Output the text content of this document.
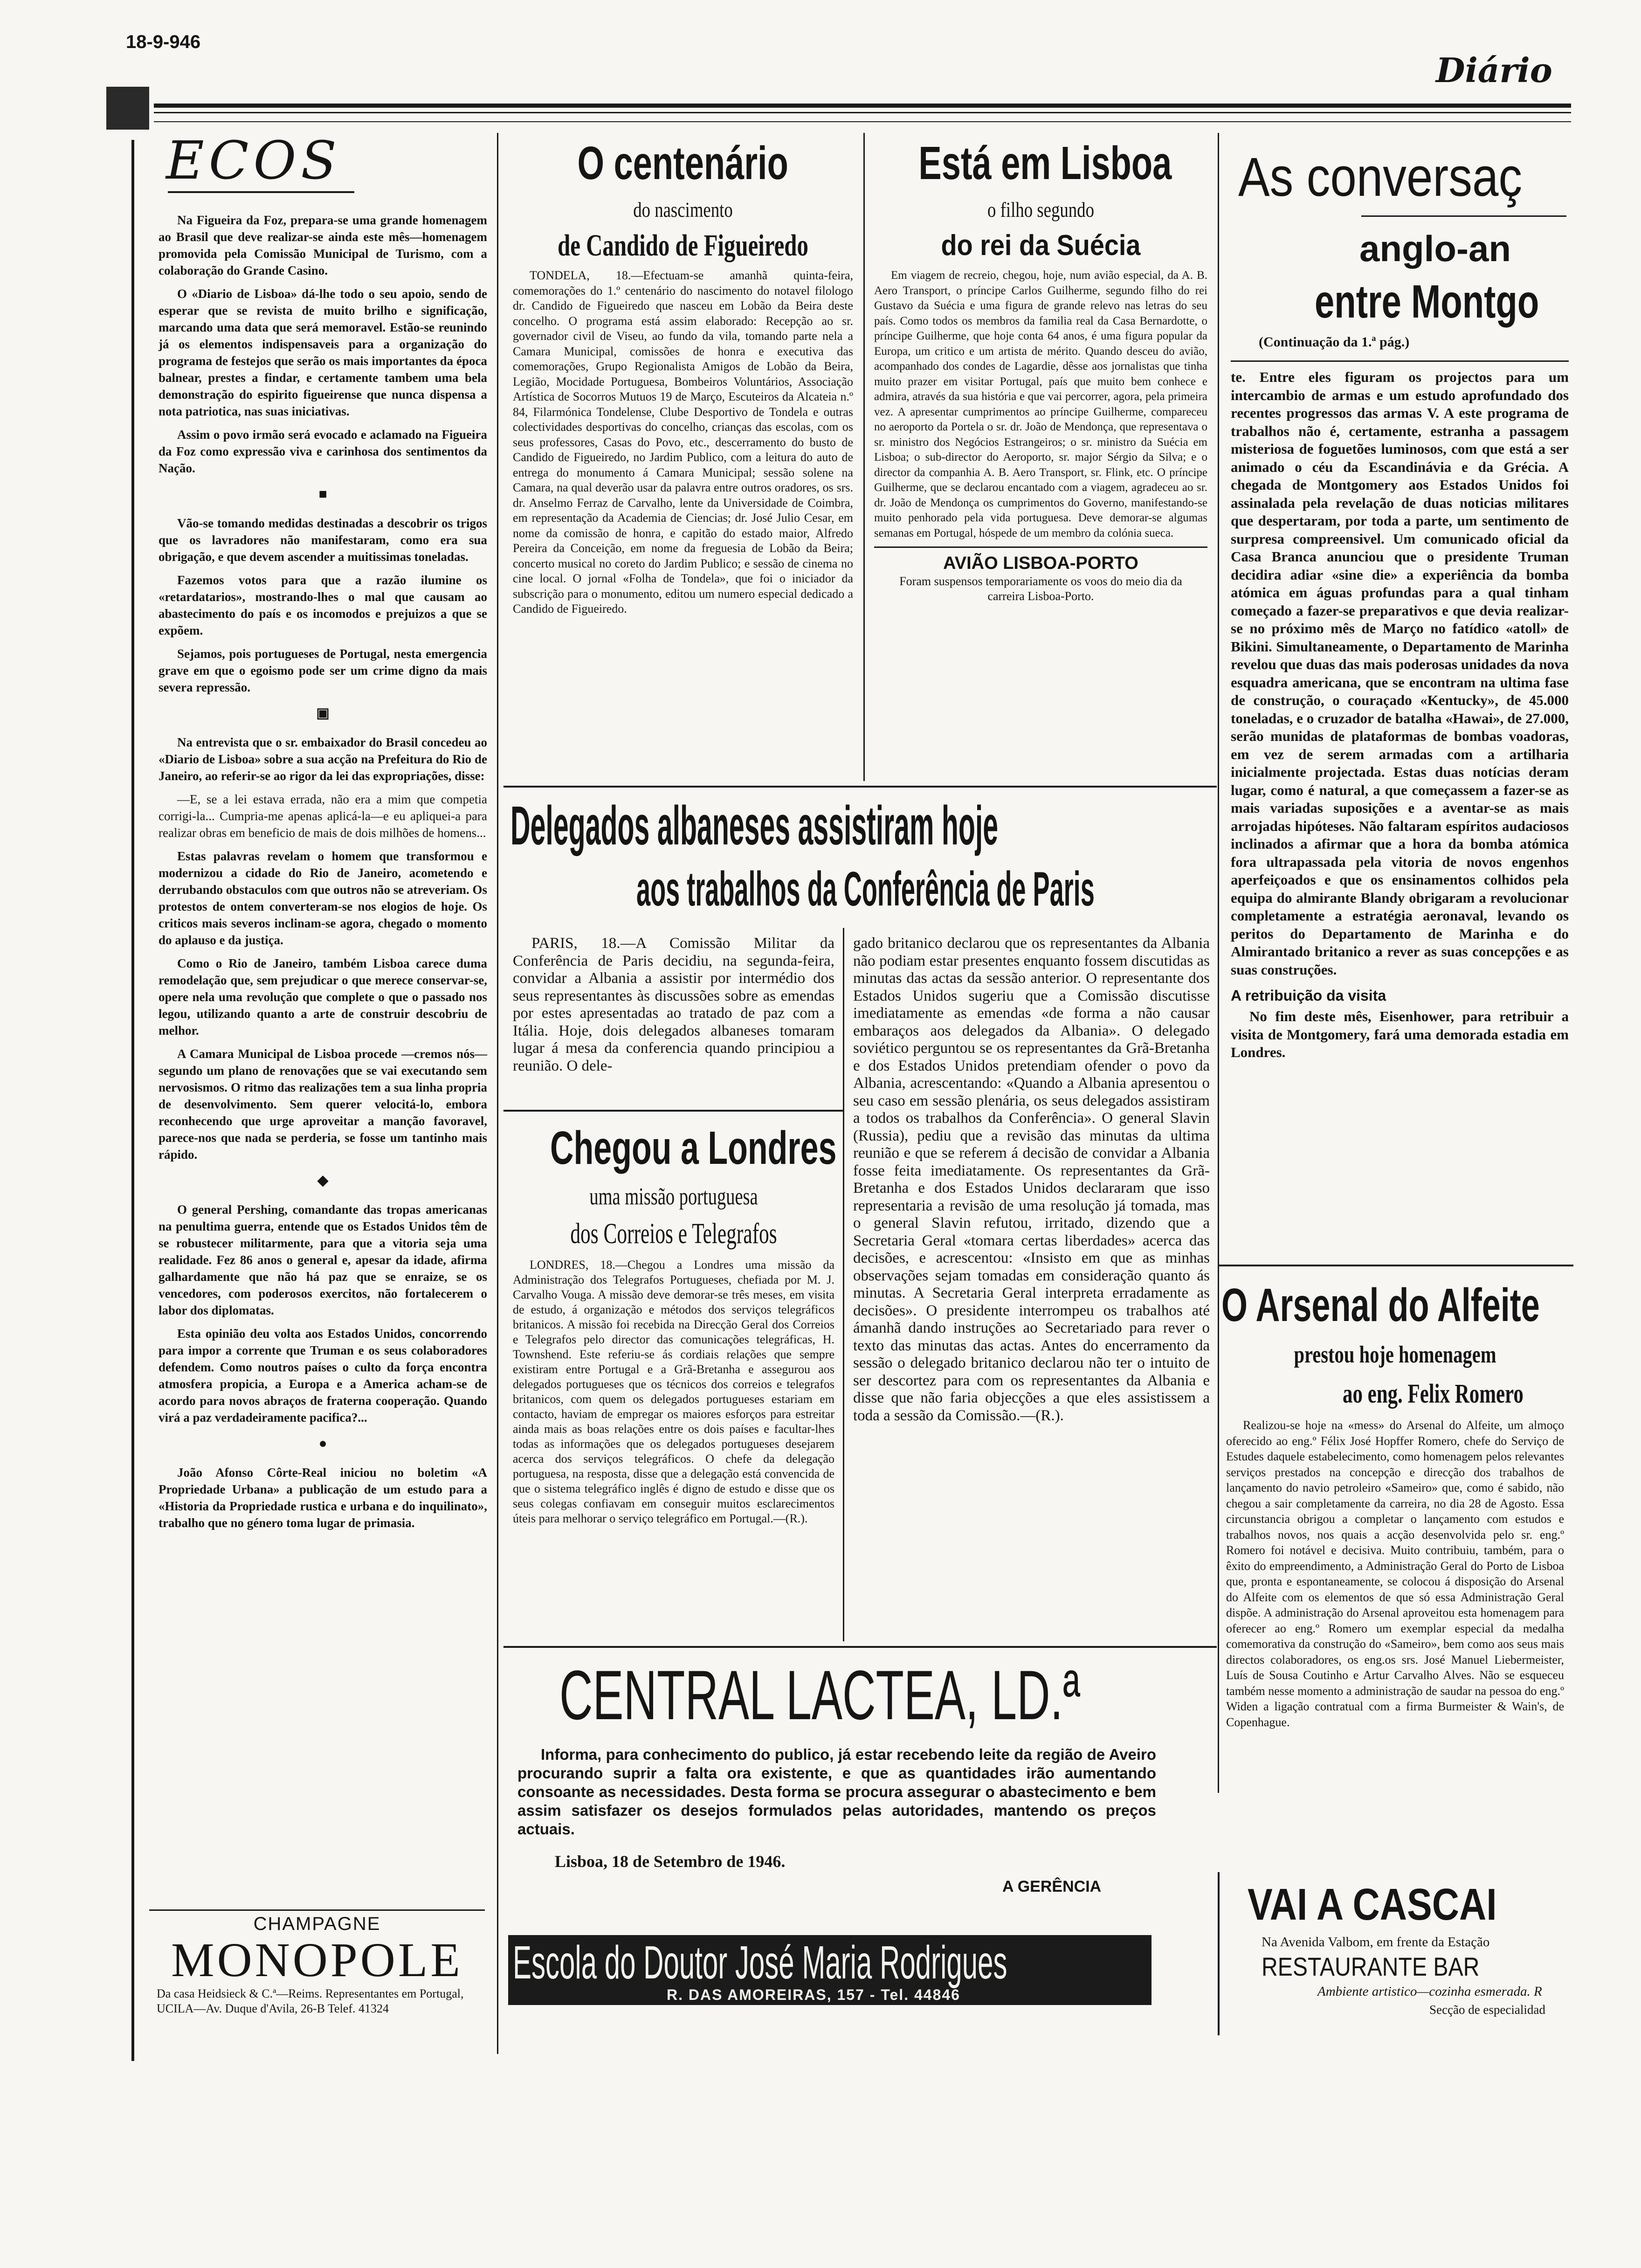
18-9-946
Diário
ECOS

Na Figueira da Foz, prepara-se uma grande homenagem ao Brasil que deve realizar-se ainda este mês—homenagem promovida pela Comissão Municipal de Turismo, com a colaboração do Grande Casino.

O «Diario de Lisboa» dá-lhe todo o seu apoio, sendo de esperar que se revista de muito brilho e significação, marcando uma data que será memoravel. Estão-se reunindo já os elementos indispensaveis para a organização do programa de festejos que serão os mais importantes da época balnear, prestes a findar, e certamente tambem uma bela demonstração do espirito figueirense que nunca dispensa a nota patriotica, nas suas iniciativas.

Assim o povo irmão será evocado e aclamado na Figueira da Foz como expressão viva e carinhosa dos sentimentos da Nação.

■

Vão-se tomando medidas destinadas a descobrir os trigos que os lavradores não manifestaram, como era sua obrigação, e que devem ascender a muitissimas toneladas.

Fazemos votos para que a razão ilumine os «retardatarios», mostrando-lhes o mal que causam ao abastecimento do país e os incomodos e prejuizos a que se expõem.

Sejamos, pois portugueses de Portugal, nesta emergencia grave em que o egoismo pode ser um crime digno da mais severa repressão.

▣

Na entrevista que o sr. embaixador do Brasil concedeu ao «Diario de Lisboa» sobre a sua acção na Prefeitura do Rio de Janeiro, ao referir-se ao rigor da lei das expropriações, disse:

—E, se a lei estava errada, não era a mim que competia corrigi-la... Cumpria-me apenas aplicá-la—e eu apliquei-a para realizar obras em beneficio de mais de dois milhões de homens...

Estas palavras revelam o homem que transformou e modernizou a cidade do Rio de Janeiro, acometendo e derrubando obstaculos com que outros não se atreveriam. Os protestos de ontem converteram-se nos elogios de hoje. Os criticos mais severos inclinam-se agora, chegado o momento do aplauso e da justiça.

Como o Rio de Janeiro, também Lisboa carece duma remodelação que, sem prejudicar o que merece conservar-se, opere nela uma revolução que complete o que o passado nos legou, utilizando quanto a arte de construir descobriu de melhor.

A Camara Municipal de Lisboa procede —cremos nós—segundo um plano de renovações que se vai executando sem nervosismos. O ritmo das realizações tem a sua linha propria de desenvolvimento. Sem querer velocitá-lo, embora reconhecendo que urge aproveitar a manção favoravel, parece-nos que nada se perderia, se fosse um tantinho mais rápido.

◆

O general Pershing, comandante das tropas americanas na penultima guerra, entende que os Estados Unidos têm de se robustecer militarmente, para que a vitoria seja uma realidade. Fez 86 anos o general e, apesar da idade, afirma galhardamente que não há paz que se enraize, se os vencedores, com poderosos exercitos, não fortalecerem o labor dos diplomatas.

Esta opinião deu volta aos Estados Unidos, concorrendo para impor a corrente que Truman e os seus colaboradores defendem. Como noutros países o culto da força encontra atmosfera propicia, a Europa e a America acham-se de acordo para novos abraços de fraterna cooperação. Quando virá a paz verdadeiramente pacifica?...

●

João Afonso Côrte-Real iniciou no boletim «A Propriedade Urbana» a publicação de um estudo para a «Historia da Propriedade rustica e urbana e do inquilinato», trabalho que no género toma lugar de primasia.

CHAMPAGNE
MONOPOLE
Da casa Heidsieck & C.ª—Reims. Representantes em Portugal,
UCILA—Av. Duque d'Avila, 26-B Telef. 41324
O centenário
do nascimento
de Candido de Figueiredo
TONDELA, 18.—Efectuam-se amanhã quinta-feira, comemorações do 1.º centenário do nascimento do notavel filologo dr. Candido de Figueiredo que nasceu em Lobão da Beira deste concelho. O programa está assim elaborado: Recepção ao sr. governador civil de Viseu, ao fundo da vila, tomando parte nela a Camara Municipal, comissões de honra e executiva das comemorações, Grupo Regionalista Amigos de Lobão da Beira, Legião, Mocidade Portuguesa, Bombeiros Voluntários, Associação Artística de Socorros Mutuos 19 de Março, Escuteiros da Alcateia n.º 84, Filarmónica Tondelense, Clube Desportivo de Tondela e outras colectividades desportivas do concelho, crianças das escolas, com os seus professores, Casas do Povo, etc., descerramento do busto de Candido de Figueiredo, no Jardim Publico, com a leitura do auto de entrega do monumento á Camara Municipal; sessão solene na Camara, na qual deverão usar da palavra entre outros oradores, os srs. dr. Anselmo Ferraz de Carvalho, lente da Universidade de Coimbra, em representação da Academia de Ciencias; dr. José Julio Cesar, em nome da comissão de honra, e capitão do estado maior, Alfredo Pereira da Conceição, em nome da freguesia de Lobão da Beira; concerto musical no coreto do Jardim Publico; e sessão de cinema no cine local. O jornal «Folha de Tondela», que foi o iniciador da subscrição para o monumento, editou um numero especial dedicado a Candido de Figueiredo.
Está em Lisboa
o filho segundo
do rei da Suécia
Em viagem de recreio, chegou, hoje, num avião especial, da A. B. Aero Transport, o príncipe Carlos Guilherme, segundo filho do rei Gustavo da Suécia e uma figura de grande relevo nas letras do seu país. Como todos os membros da familia real da Casa Bernardotte, o príncipe Guilherme, que hoje conta 64 anos, é uma figura popular da Europa, um critico e um artista de mérito. Quando desceu do avião, acompanhado dos condes de Lagardie, dêsse aos jornalistas que tinha muito prazer em visitar Portugal, país que muito bem conhece e admira, através da sua história e que vai percorrer, agora, pela primeira vez. A apresentar cumprimentos ao príncipe Guilherme, compareceu no aeroporto da Portela o sr. dr. João de Mendonça, que representava o sr. ministro dos Negócios Estrangeiros; o sr. ministro da Suécia em Lisboa; o sub-director do Aeroporto, sr. major Sérgio da Silva; e o director da companhia A. B. Aero Transport, sr. Flink, etc. O príncipe Guilherme, que se declarou encantado com a viagem, agradeceu ao sr. dr. João de Mendonça os cumprimentos do Governo, manifestando-se muito penhorado pela vida portuguesa. Deve demorar-se algumas semanas em Portugal, hóspede de um membro da colónia sueca.
AVIÃO LISBOA-PORTO
Foram suspensos temporariamente os voos do meio dia da carreira Lisboa-Porto.
As conversaç
anglo-an
entre Montgo
(Continuação da 1.ª pág.)
te. Entre eles figuram os projectos para um intercambio de armas e um estudo aprofundado dos recentes progressos das armas V. A este programa de trabalhos não é, certamente, estranha a passagem misteriosa de foguetões luminosos, com que está a ser animado o céu da Escandinávia e da Grécia. A chegada de Montgomery aos Estados Unidos foi assinalada pela revelação de duas noticias militares que despertaram, por toda a parte, um sentimento de surpresa compreensivel. Um comunicado oficial da Casa Branca anunciou que o presidente Truman decidira adiar «sine die» a experiência da bomba atómica em águas profundas para a qual tinham começado a fazer-se preparativos e que devia realizar-se no próximo mês de Março no fatídico «atoll» de Bikini. Simultaneamente, o Departamento de Marinha revelou que duas das mais poderosas unidades da nova esquadra americana, que se encontram na ultima fase de construção, o couraçado «Kentucky», de 45.000 toneladas, e o cruzador de batalha «Hawai», de 27.000, serão munidas de plataformas de bombas voadoras, em vez de serem armadas com a artilharia inicialmente projectada. Estas duas notícias deram lugar, como é natural, a que começassem a fazer-se as mais variadas suposições e a aventar-se as mais arrojadas hipóteses. Não faltaram espíritos audaciosos inclinados a afirmar que a hora da bomba atómica fora ultrapassada pela vitoria de novos engenhos aperfeiçoados e que os ensinamentos colhidos pela equipa do almirante Blandy obrigaram a revolucionar completamente a estratégia aeronaval, levando os peritos do Departamento de Marinha e do Almirantado britanico a rever as suas concepções e as suas construções.
A retribuição da visita
No fim deste mês, Eisenhower, para retribuir a visita de Montgomery, fará uma demorada estadia em Londres.
O Arsenal do Alfeite
prestou hoje homenagem
ao eng. Felix Romero
Realizou-se hoje na «mess» do Arsenal do Alfeite, um almoço oferecido ao eng.º Félix José Hopffer Romero, chefe do Serviço de Estudes daquele estabelecimento, como homenagem pelos relevantes serviços prestados na concepção e direcção dos trabalhos de lançamento do navio petroleiro «Sameiro» que, como é sabido, não chegou a sair completamente da carreira, no dia 28 de Agosto. Essa circunstancia obrigou a completar o lançamento com estudos e trabalhos novos, nos quais a acção desenvolvida pelo sr. eng.º Romero foi notável e decisiva. Muito contribuiu, também, para o êxito do empreendimento, a Administração Geral do Porto de Lisboa que, pronta e espontaneamente, se colocou á disposição do Arsenal do Alfeite com os elementos de que só essa Administração Geral dispõe. A administração do Arsenal aproveitou esta homenagem para oferecer ao eng.º Romero um exemplar especial da medalha comemorativa da construção do «Sameiro», bem como aos seus mais directos colaboradores, os eng.os srs. José Manuel Liebermeister, Luís de Sousa Coutinho e Artur Carvalho Alves. Não se esqueceu também nesse momento a administração de saudar na pessoa do eng.º Widen a ligação contratual com a firma Burmeister & Wain's, de Copenhague.
VAI A CASCAI
Na Avenida Valbom, em frente da Estação
RESTAURANTE BAR
Ambiente artistico—cozinha esmerada. R
Secção de especialidad
Delegados albaneses assistiram hoje
aos trabalhos da Conferência de Paris
PARIS, 18.—A Comissão Militar da Conferência de Paris decidiu, na segunda-feira, convidar a Albania a assistir por intermédio dos seus representantes às discussões sobre as emendas por estes apresentadas ao tratado de paz com a Itália. Hoje, dois delegados albaneses tomaram lugar á mesa da conferencia quando principiou a reunião. O dele-
gado britanico declarou que os representantes da Albania não podiam estar presentes enquanto fossem discutidas as minutas das actas da sessão anterior. O representante dos Estados Unidos sugeriu que a Comissão discutisse imediatamente as emendas «de forma a não causar embaraços aos delegados da Albania». O delegado soviético perguntou se os representantes da Grã-Bretanha e dos Estados Unidos pretendiam ofender o povo da Albania, acrescentando: «Quando a Albania apresentou o seu caso em sessão plenária, os seus delegados assistiram a todos os trabalhos da Conferência». O general Slavin (Russia), pediu que a revisão das minutas da ultima reunião e que se referem á decisão de convidar a Albania fosse feita imediatamente. Os representantes da Grã-Bretanha e dos Estados Unidos declararam que isso representaria a revisão de uma resolução já tomada, mas o general Slavin refutou, irritado, dizendo que a Secretaria Geral «tomara certas liberdades» acerca das decisões, e acrescentou: «Insisto em que as minhas observações sejam tomadas em consideração quanto ás minutas. A Secretaria Geral interpreta erradamente as decisões». O presidente interrompeu os trabalhos até ámanhã dando instruções ao Secretariado para rever o texto das minutas das actas. Antes do encerramento da sessão o delegado britanico declarou não ter o intuito de ser descortez para com os representantes da Albania e disse que não faria objecções a que eles assistissem a toda a sessão da Comissão.—(R.).
Chegou a Londres
uma missão portuguesa
dos Correios e Telegrafos
LONDRES, 18.—Chegou a Londres uma missão da Administração dos Telegrafos Portugueses, chefiada por M. J. Carvalho Vouga. A missão deve demorar-se três meses, em visita de estudo, á organização e métodos dos serviços telegráficos britanicos. A missão foi recebida na Direcção Geral dos Correios e Telegrafos pelo director das comunicações telegráficas, H. Townshend. Este referiu-se ás cordiais relações que sempre existiram entre Portugal e a Grã-Bretanha e assegurou aos delegados portugueses que os técnicos dos correios e telegrafos britanicos, com quem os delegados portugueses estariam em contacto, haviam de empregar os maiores esforços para estreitar ainda mais as boas relações entre os dois países e facultar-lhes todas as informações que os delegados portugueses desejarem acerca dos serviços telegráficos. O chefe da delegação portuguesa, na resposta, disse que a delegação está convencida de que o sistema telegráfico inglês é digno de estudo e disse que os seus colegas confiavam em conseguir muitos esclarecimentos úteis para melhorar o serviço telegráfico em Portugal.—(R.).
CENTRAL LACTEA, LD.ª
Informa, para conhecimento do publico, já estar recebendo leite da região de Aveiro procurando suprir a falta ora existente, e que as quantidades irão aumentando consoante as necessidades. Desta forma se procura assegurar o abastecimento e bem assim satisfazer os desejos formulados pelas autoridades, mantendo os preços actuais.
Lisboa, 18 de Setembro de 1946.
A GERÊNCIA
Escola do Doutor José Maria Rodrigues
R. DAS AMOREIRAS, 157 - Tel. 44846
